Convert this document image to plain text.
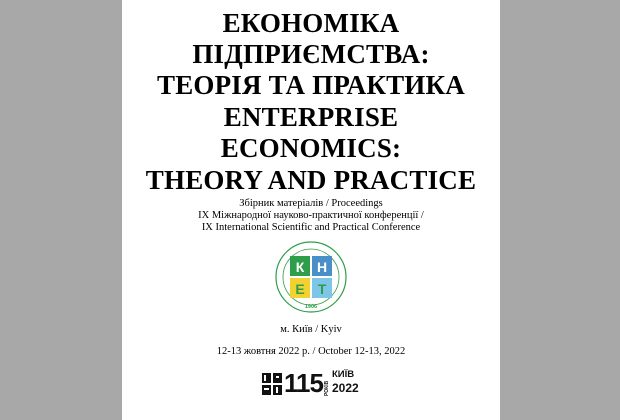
ЕКОНОМІКА
ПІДПРИЄМСТВА:
ТЕОРІЯ ТА ПРАКТИКА
ENTERPRISE
ECONOMICS:
THEORY AND PRACTICE
Збірник матеріалів / Proceedings
IX Міжнародної науково-практичної конференції /
IX International Scientific and Practical Conference
К Н
Е Т
1906
м. Київ / Kyiv
12-13 жовтня 2022 р. / October 12-13, 2022
115 РОКІВ
КИЇВ
2022
